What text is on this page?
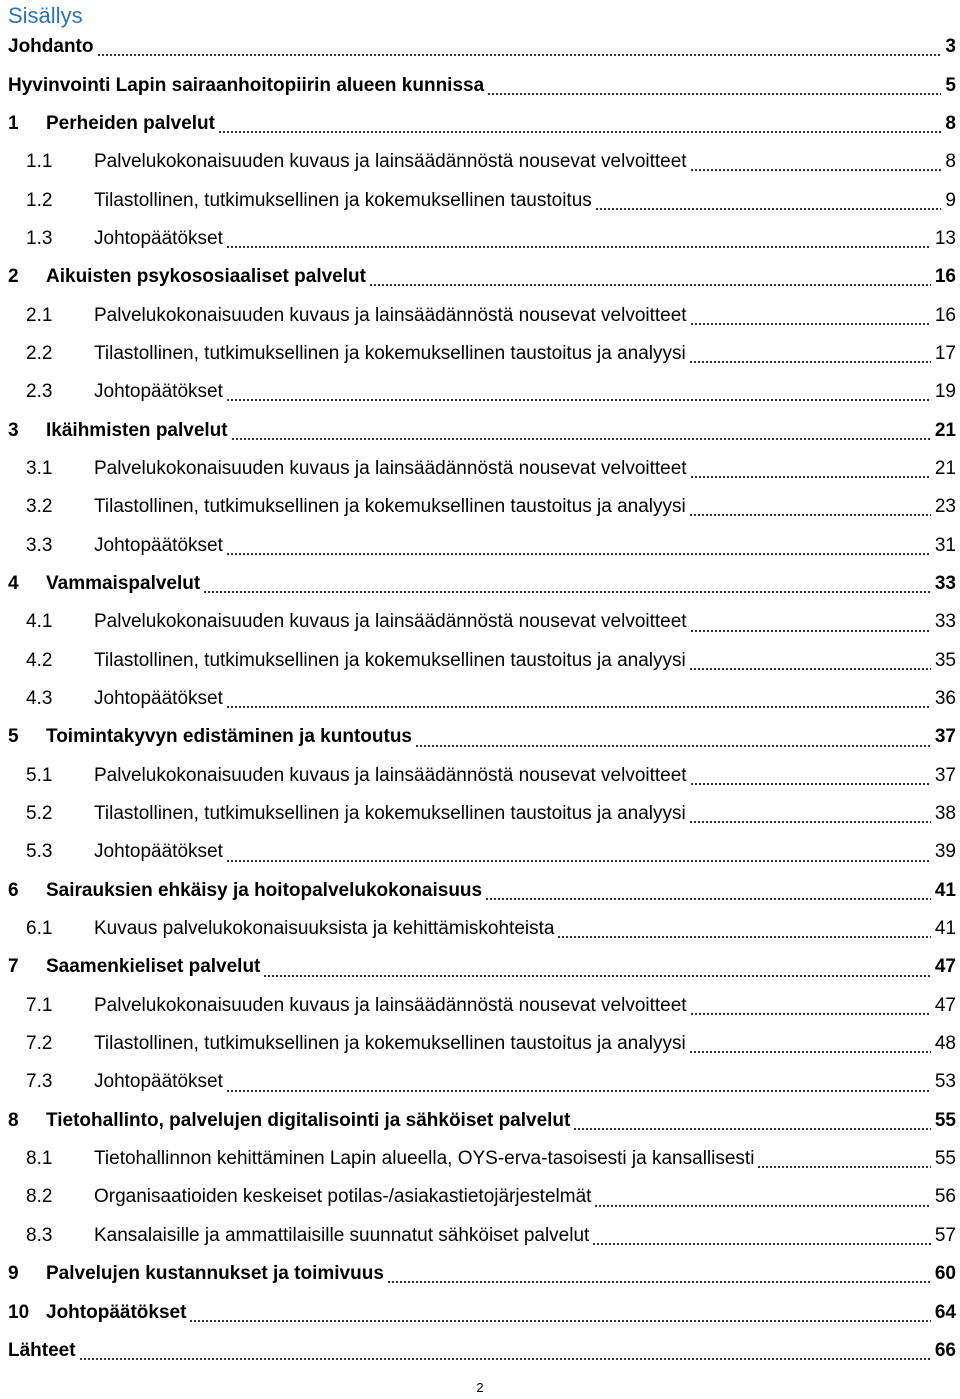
Sisällys
Johdanto	3
Hyvinvointi Lapin sairaanhoitopiirin alueen kunnissa	5
1 Perheiden palvelut	8
1.1 Palvelukokonaisuuden kuvaus ja lainsäädännöstä nousevat velvoitteet	8
1.2 Tilastollinen, tutkimuksellinen ja kokemuksellinen taustoitus	9
1.3 Johtopäätökset	13
2 Aikuisten psykososiaaliset palvelut	16
2.1 Palvelukokonaisuuden kuvaus ja lainsäädännöstä nousevat velvoitteet	16
2.2 Tilastollinen, tutkimuksellinen ja kokemuksellinen taustoitus ja analyysi	17
2.3 Johtopäätökset	19
3 Ikäihmisten palvelut	21
3.1 Palvelukokonaisuuden kuvaus ja lainsäädännöstä nousevat velvoitteet	21
3.2 Tilastollinen, tutkimuksellinen ja kokemuksellinen taustoitus ja analyysi	23
3.3 Johtopäätökset	31
4 Vammaispalvelut	33
4.1 Palvelukokonaisuuden kuvaus ja lainsäädännöstä nousevat velvoitteet	33
4.2 Tilastollinen, tutkimuksellinen ja kokemuksellinen taustoitus ja analyysi	35
4.3 Johtopäätökset	36
5 Toimintakyvyn edistäminen ja kuntoutus	37
5.1 Palvelukokonaisuuden kuvaus ja lainsäädännöstä nousevat velvoitteet	37
5.2 Tilastollinen, tutkimuksellinen ja kokemuksellinen taustoitus ja analyysi	38
5.3 Johtopäätökset	39
6 Sairauksien ehkäisy ja hoitopalvelukokonaisuus	41
6.1 Kuvaus palvelukokonaisuuksista ja kehittämiskohteista	41
7 Saamenkieliset palvelut	47
7.1 Palvelukokonaisuuden kuvaus ja lainsäädännöstä nousevat velvoitteet	47
7.2 Tilastollinen, tutkimuksellinen ja kokemuksellinen taustoitus ja analyysi	48
7.3 Johtopäätökset	53
8 Tietohallinto, palvelujen digitalisointi ja sähköiset palvelut	55
8.1 Tietohallinnon kehittäminen Lapin alueella, OYS-erva-tasoisesti ja kansallisesti	55
8.2 Organisaatioiden keskeiset potilas-/asiakastietojärjestelmät	56
8.3 Kansalaisille ja ammattilaisille suunnatut sähköiset palvelut	57
9 Palvelujen kustannukset ja toimivuus	60
10 Johtopäätökset	64
Lähteet	66
2
